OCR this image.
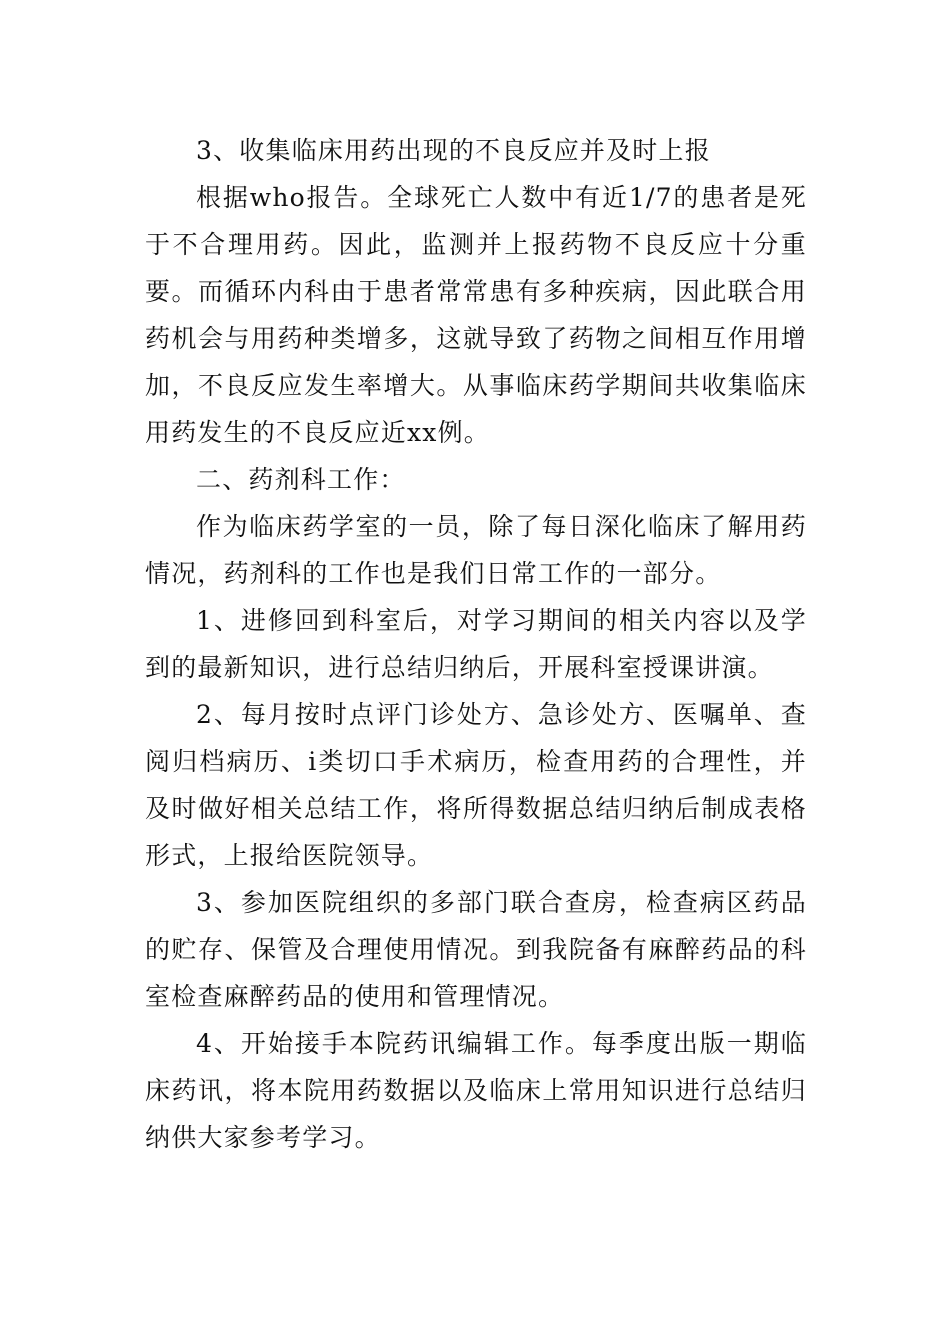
3、收集临床用药出现的不良反应并及时上报

根据who报告。全球死亡人数中有近1/7的患者是死于不合理用药。因此，监测并上报药物不良反应十分重要。而循环内科由于患者常常患有多种疾病，因此联合用药机会与用药种类增多，这就导致了药物之间相互作用增加，不良反应发生率增大。从事临床药学期间共收集临床用药发生的不良反应近xx例。

二、药剂科工作：

作为临床药学室的一员，除了每日深化临床了解用药情况，药剂科的工作也是我们日常工作的一部分。

1、进修回到科室后，对学习期间的相关内容以及学到的最新知识，进行总结归纳后，开展科室授课讲演。

2、每月按时点评门诊处方、急诊处方、医嘱单、查阅归档病历、ⅰ类切口手术病历，检查用药的合理性，并及时做好相关总结工作，将所得数据总结归纳后制成表格形式，上报给医院领导。

3、参加医院组织的多部门联合查房，检查病区药品的贮存、保管及合理使用情况。到我院备有麻醉药品的科室检查麻醉药品的使用和管理情况。

4、开始接手本院药讯编辑工作。每季度出版一期临床药讯，将本院用药数据以及临床上常用知识进行总结归纳供大家参考学习。
